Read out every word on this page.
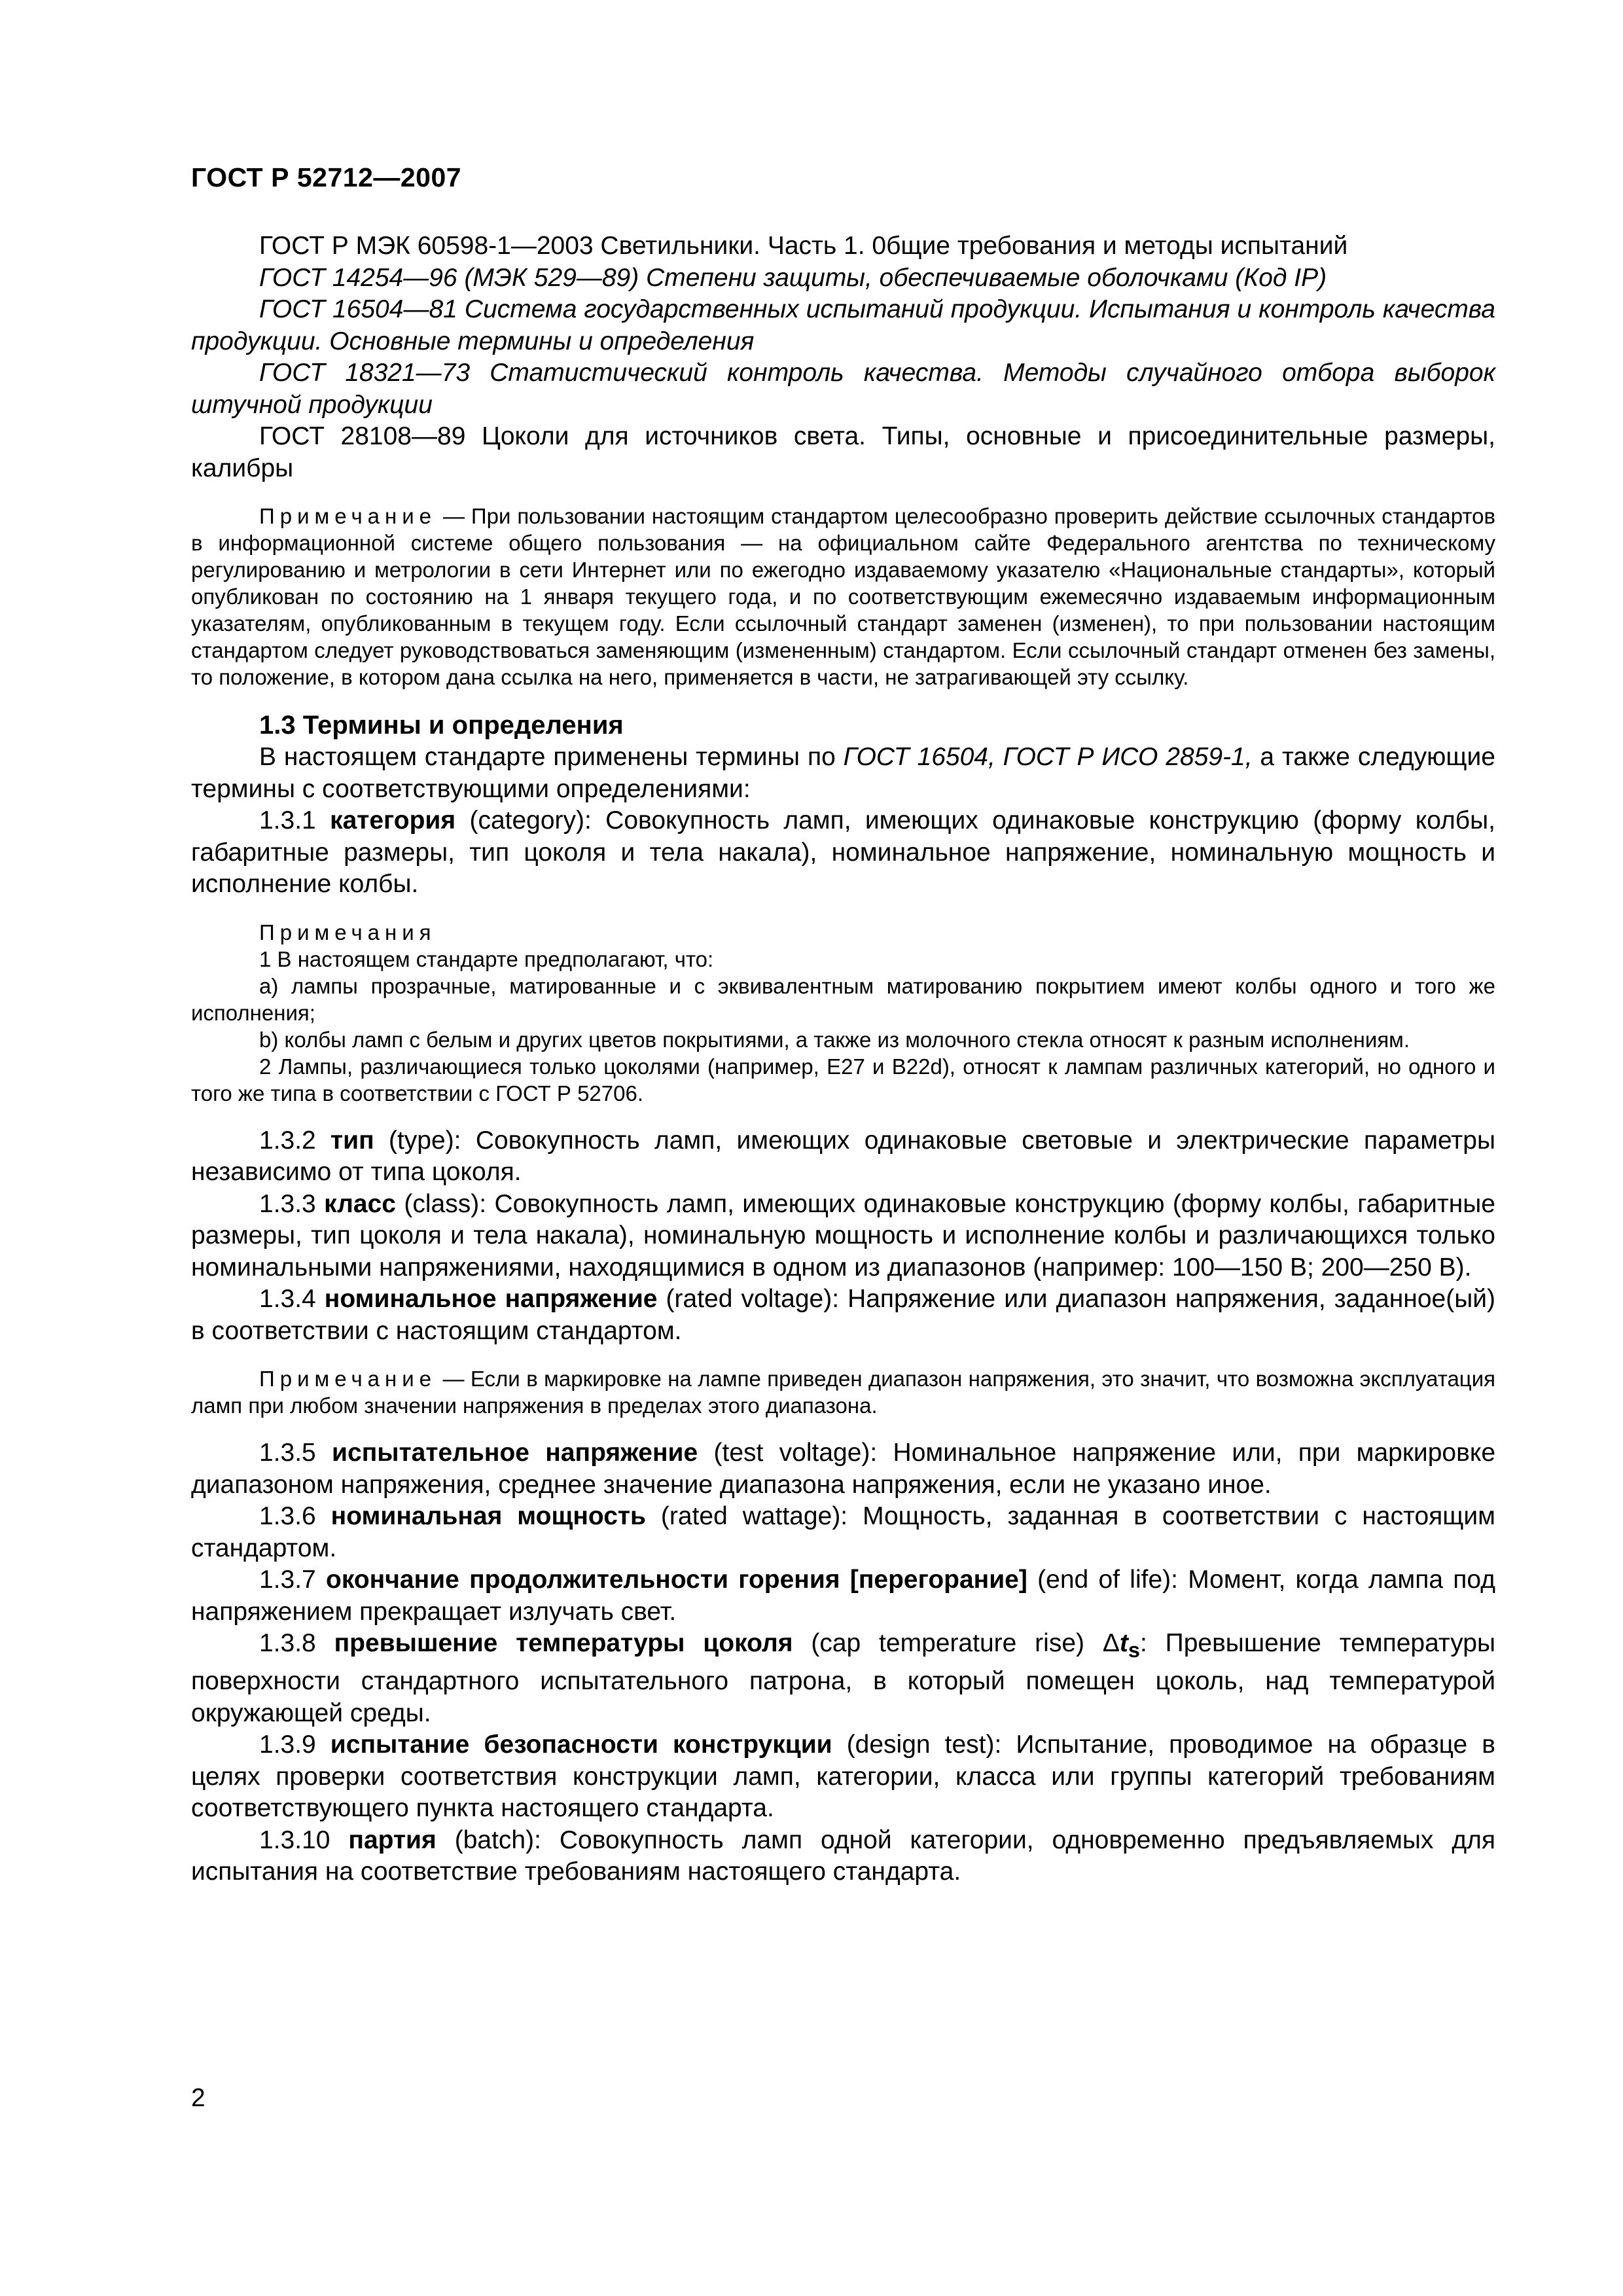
ГОСТ Р 52712—2007

ГОСТ Р МЭК 60598-1—2003 Светильники. Часть 1. 0бщие требования и методы испытаний

ГОСТ 14254—96 (МЭК 529—89) Степени защиты, обеспечиваемые оболочками (Код IP)

ГОСТ 16504—81 Система государственных испытаний продукции. Испытания и контроль качества продукции. Основные термины и определения

ГОСТ 18321—73 Статистический контроль качества. Методы случайного отбора выборок штучной продукции

ГОСТ 28108—89 Цоколи для источников света. Типы, основные и присоединительные размеры, калибры

Примечание — При пользовании настоящим стандартом целесообразно проверить действие ссылочных стандартов в информационной системе общего пользования — на официальном сайте Федерального агентства по техническому регулированию и метрологии в сети Интернет или по ежегодно издаваемому указателю «Национальные стандарты», который опубликован по состоянию на 1 января текущего года, и по соответствующим ежемесячно издаваемым информационным указателям, опубликованным в текущем году. Если ссылочный стандарт заменен (изменен), то при пользовании настоящим стандартом следует руководствоваться заменяющим (измененным) стандартом. Если ссылочный стандарт отменен без замены, то положение, в котором дана ссылка на него, применяется в части, не затрагивающей эту ссылку.

1.3 Термины и определения

В настоящем стандарте применены термины по ГОСТ 16504, ГОСТ Р ИСО 2859-1, а также следующие термины с соответствующими определениями:

1.3.1 категория (category): Совокупность ламп, имеющих одинаковые конструкцию (форму колбы, габаритные размеры, тип цоколя и тела накала), номинальное напряжение, номинальную мощность и исполнение колбы.

Примечания

1 В настоящем стандарте предполагают, что:

а) лампы прозрачные, матированные и с эквивалентным матированию покрытием имеют колбы одного и того же исполнения;

b) колбы ламп с белым и других цветов покрытиями, а также из молочного стекла относят к разным исполнениям.

2 Лампы, различающиеся только цоколями (например, E27 и B22d), относят к лампам различных категорий, но одного и того же типа в соответствии с ГОСТ Р 52706.

1.3.2 тип (type): Совокупность ламп, имеющих одинаковые световые и электрические параметры независимо от типа цоколя.

1.3.3 класс (class): Совокупность ламп, имеющих одинаковые конструкцию (форму колбы, габаритные размеры, тип цоколя и тела накала), номинальную мощность и исполнение колбы и различающихся только номинальными напряжениями, находящимися в одном из диапазонов (например: 100—150 В; 200—250 В).

1.3.4 номинальное напряжение (rated voltage): Напряжение или диапазон напряжения, заданное(ый) в соответствии с настоящим стандартом.

Примечание — Если в маркировке на лампе приведен диапазон напряжения, это значит, что возможна эксплуатация ламп при любом значении напряжения в пределах этого диапазона.

1.3.5 испытательное напряжение (test voltage): Номинальное напряжение или, при маркировке диапазоном напряжения, среднее значение диапазона напряжения, если не указано иное.

1.3.6 номинальная мощность (rated wattage): Мощность, заданная в соответствии с настоящим стандартом.

1.3.7 окончание продолжительности горения [перегорание] (end of life): Момент, когда лампа под напряжением прекращает излучать свет.

1.3.8 превышение температуры цоколя (cap temperature rise) $\Delta t_s$: Превышение температуры поверхности стандартного испытательного патрона, в который помещен цоколь, над температурой окружающей среды.

1.3.9 испытание безопасности конструкции (design test): Испытание, проводимое на образце в целях проверки соответствия конструкции ламп, категории, класса или группы категорий требованиям соответствующего пункта настоящего стандарта.

1.3.10 партия (batch): Совокупность ламп одной категории, одновременно предъявляемых для испытания на соответствие требованиям настоящего стандарта.

2
